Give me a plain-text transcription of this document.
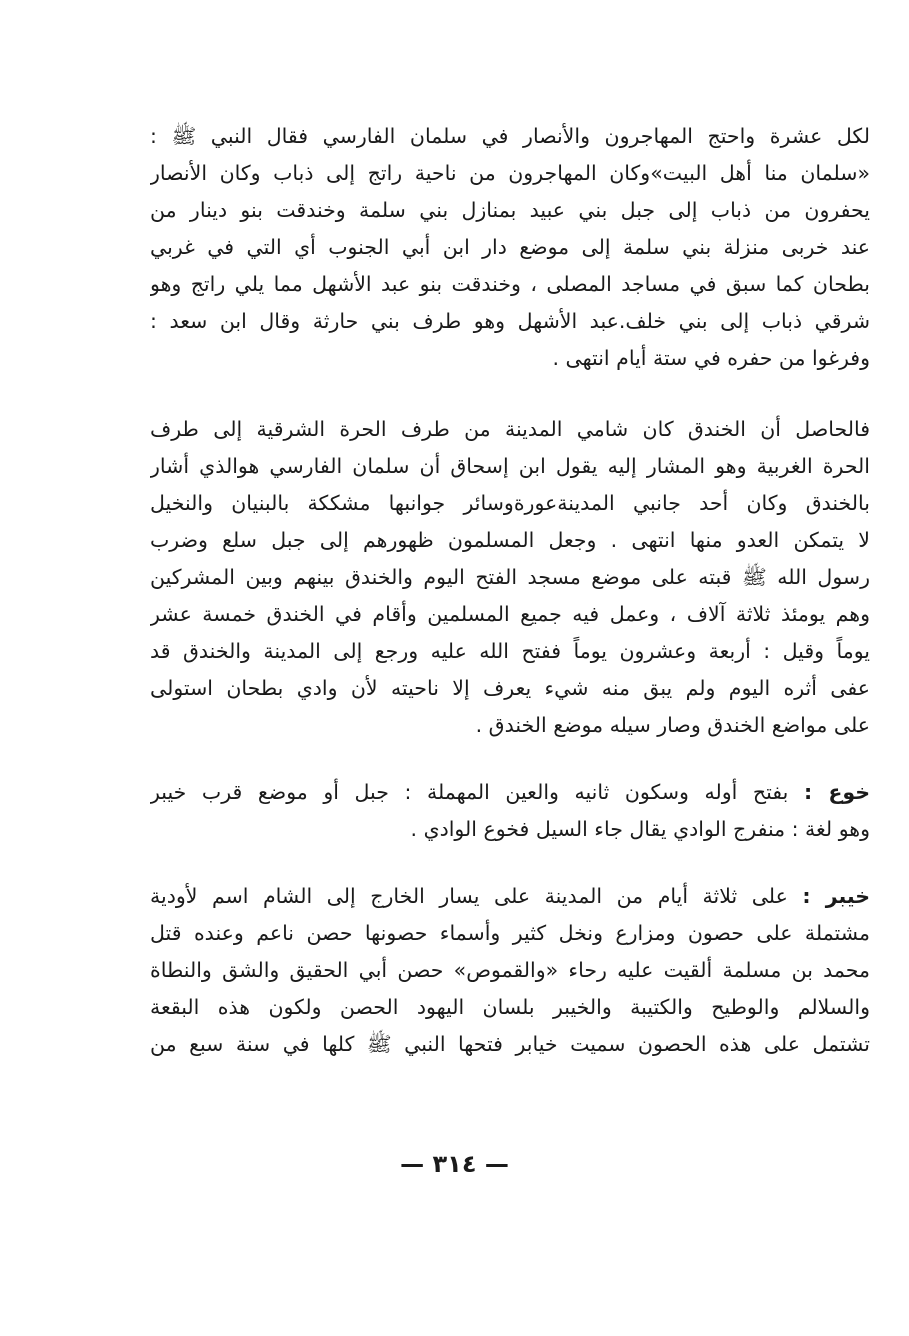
لكل عشرة واحتج المهاجرون والأنصار في سلمان الفارسي فقال النبي ﷺ :
«سلمان منا أهل البيت»وكان المهاجرون من ناحية راتج إلى ذباب وكان الأنصار
يحفرون من ذباب إلى جبل بني عبيد بمنازل بني سلمة وخندقت بنو دينار من
عند خربى منزلة بني سلمة إلى موضع دار ابن أبي الجنوب أي التي في غربي
بطحان كما سبق في مساجد المصلى ، وخندقت بنو عبد الأشهل مما يلي راتج وهو
شرقي ذباب إلى بني خلف.عبد الأشهل وهو طرف بني حارثة وقال ابن سعد :
وفرغوا من حفره في ستة أيام انتهى .
فالحاصل أن الخندق كان شامي المدينة من طرف الحرة الشرقية إلى طرف
الحرة الغربية وهو المشار إليه يقول ابن إسحاق أن سلمان الفارسي هوالذي أشار
بالخندق وكان أحد جانبي المدينةعورةوسائر جوانبها مشككة بالبنيان والنخيل
لا يتمكن العدو منها انتهى . وجعل المسلمون ظهورهم إلى جبل سلع وضرب
رسول الله ﷺ قبته على موضع مسجد الفتح اليوم والخندق بينهم وبين المشركين
وهم يومئذ ثلاثة آلاف ، وعمل فيه جميع المسلمين وأقام في الخندق خمسة عشر
يوماً وقيل : أربعة وعشرون يوماً ففتح الله عليه ورجع إلى المدينة والخندق قد
عفى أثره اليوم ولم يبق منه شيء يعرف إلا ناحيته لأن وادي بطحان استولى
على مواضع الخندق وصار سيله موضع الخندق .
خوع : بفتح أوله وسكون ثانيه والعين المهملة : جبل أو موضع قرب خيبر
وهو لغة : منفرج الوادي يقال جاء السيل فخوع الوادي .
خيبر : على ثلاثة أيام من المدينة على يسار الخارج إلى الشام اسم لأودية
مشتملة على حصون ومزارع ونخل كثير وأسماء حصونها حصن ناعم وعنده قتل
محمد بن مسلمة ألقيت عليه رحاء «والقموص» حصن أبي الحقيق والشق والنطاة
والسلالم والوطيح والكتيبة والخيبر بلسان اليهود الحصن ولكون هذه البقعة
تشتمل على هذه الحصون سميت خيابر فتحها النبي ﷺ كلها في سنة سبع من
— ٣١٤ —
